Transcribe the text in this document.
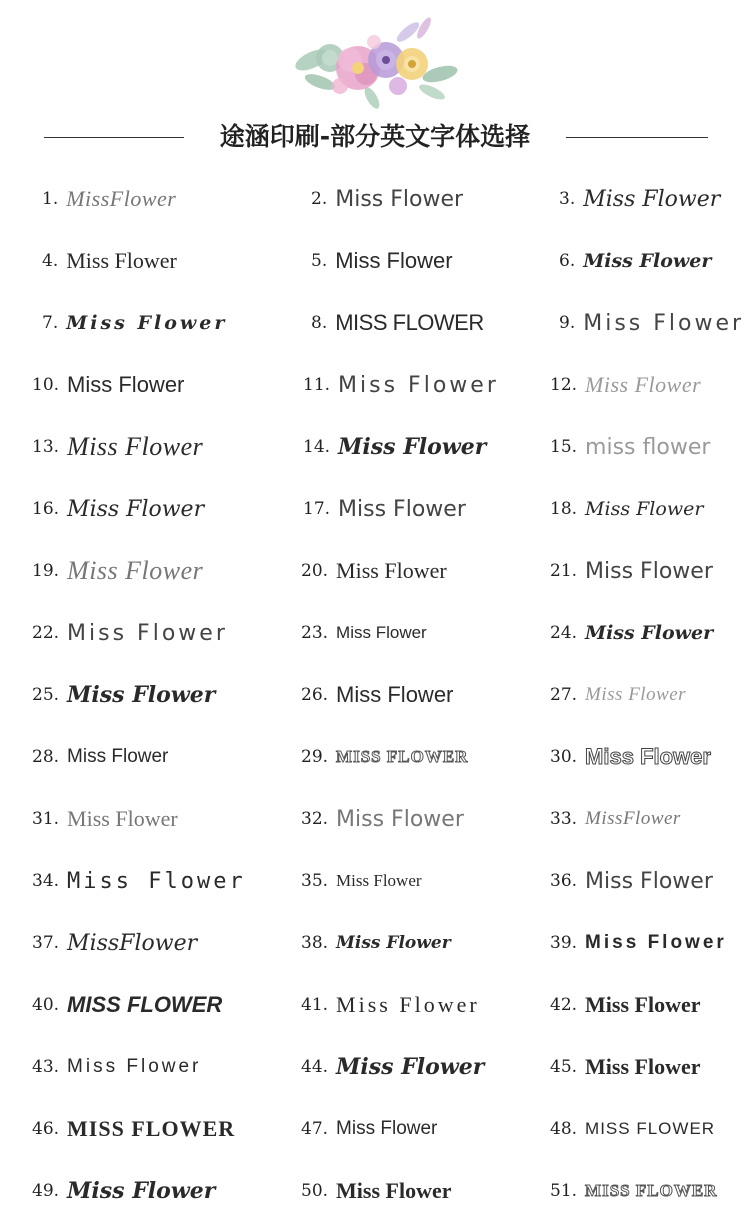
途涵印刷-部分英文字体选择
1. MissFlower	2. Miss Flower	3. Miss Flower
4. Miss Flower	5. Miss Flower	6. Miss Flower
7. Miss Flower	8. MISS FLOWER	9. Miss Flower
10. Miss Flower	11. Miss Flower	12. Miss Flower
13. Miss Flower	14. Miss Flower	15. miss flower
16. Miss Flower	17. Miss Flower	18. Miss Flower
19. Miss Flower	20. Miss Flower	21. Miss Flower
22. Miss Flower	23. Miss Flower	24. Miss Flower
25. Miss Flower	26. Miss Flower	27. Miss Flower
28. Miss Flower	29. MISS FLOWER	30. Miss Flower
31. Miss Flower	32. Miss Flower	33. MissFlower
34. Miss Flower	35. Miss Flower	36. Miss Flower
37. MissFlower	38. Miss Flower	39. Miss Flower
40. MISS FLOWER	41. Miss Flower	42. Miss Flower
43. Miss Flower	44. Miss Flower	45. Miss Flower
46. MISS FLOWER	47. Miss Flower	48. MISS FLOWER
49. Miss Flower	50. Miss Flower	51. MISS FLOWER
